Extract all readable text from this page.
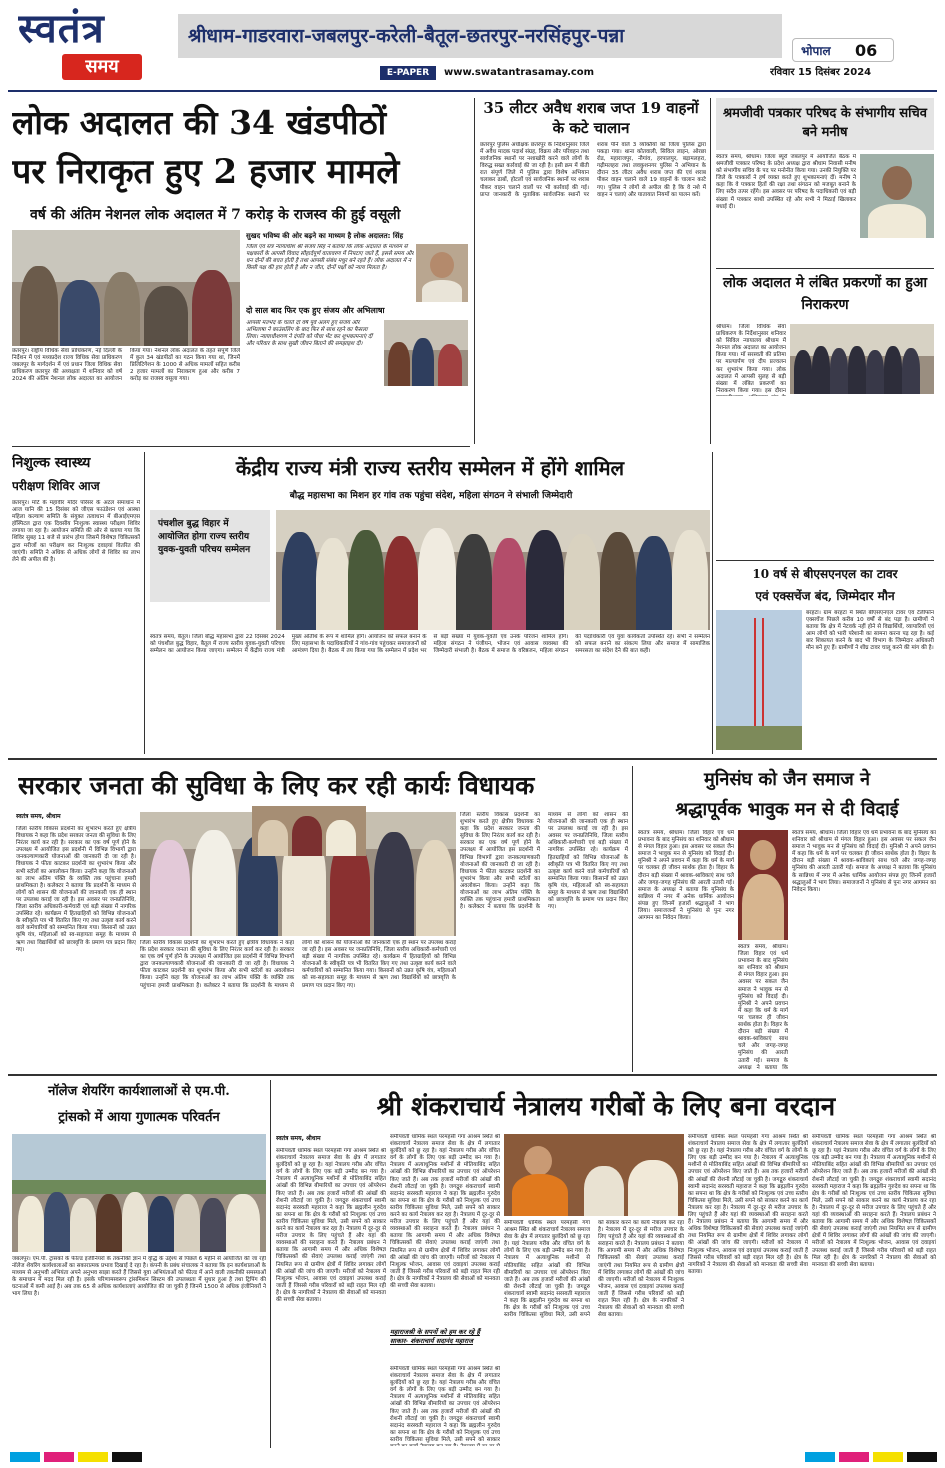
स्वतंत्र
समय
श्रीधाम-गाडरवारा-जबलपुर-करेली-बैतूल-छतरपुर-नरसिंहपुर-पन्ना
भोपाल 06
E-PAPER	www.swatantrasamay.com	रविवार 15 दिसंबर 2024
लोक अदालत की 34 खंडपीठों
पर निराकृत हुए 2 हजार मामले
वर्ष की अंतिम नेशनल लोक अदालत में 7 करोड़ के राजस्व की हुई वसूली
सुखद भविष्य की ओर बढ़ने का माध्यम है लोक अदालत: सिंह
जिला एवं सत्र न्यायाधीश श्री संजय सिंह ने बताया कि लोक अदालत के माध्यम से पक्षकारों के आपसी विवाद सौहार्दपूर्ण वातावरण में निपटाए जाते हैं, इससे समय और धन दोनों की बचत होती है तथा आपसी संबंध मधुर बने रहते हैं। लोक अदालत में न किसी पक्ष की हार होती है और न जीत, दोनों पक्षों को न्याय मिलता है।
दो साल बाद फिर एक हुए संजय और अभिलाषा
आपसी मतभेद के चलते दो वर्ष पूर्व अलग हुए संजय और अभिलाषा ने काउंसलिंग के बाद फिर से साथ रहने का फैसला लिया। न्यायाधीशगण ने दंपति को पौधा भेंट कर शुभकामनाएं दीं और परिवार के साथ सुखी जीवन बिताने की समझाइश दी।
छतरपुर। राष्ट्रीय विधिक सेवा प्राधिकरण, नई दिल्ली के निर्देशन में एवं मध्यप्रदेश राज्य विधिक सेवा प्राधिकरण जबलपुर के मार्गदर्शन में एवं प्रधान जिला विधिक सेवा प्राधिकरण छतरपुर की अध्यक्षता में शनिवार को वर्ष 2024 की अंतिम नेशनल लोक अदालत का आयोजन किया गया। नेशनल लोक अदालत के तहत संपूर्ण जिले में कुल 34 खंडपीठों का गठन किया गया था, जिनमें प्रिलिटिगेशन के 1000 से अधिक मामलों सहित करीब 2 हजार मामलों का निराकरण हुआ और करीब 7 करोड़ का राजस्व वसूला गया।
35 लीटर अवैध शराब जप्त 19 वाहनों के कटे चालान
छतरपुर पुलिस अधीक्षक छतरपुर के निर्देशानुसार जिले में अवैध मादक पदार्थ संग्रह, विक्रय और परिवहन तथा सार्वजनिक स्थानों पर नशाखोरी करने वाले लोगों के विरुद्ध सख्त कार्रवाई की जा रही है। इसी क्रम में बीती रात संपूर्ण जिले में पुलिस द्वारा विशेष अभियान चलाकर ढाबों, होटलों एवं सार्वजनिक स्थानों पर शराब पीकर वाहन चलाने वालों पर भी कार्रवाई की गई। प्राप्त जानकारी के मुताबिक सार्वजनिक स्थानों पर शराब पीने वाले 3 व्यक्तियों को जिला पुलिस द्वारा पकड़ा गया। थाना कोतवाली, सिविल लाइन, ओरछा रोड, महाराजपुर, नौगांव, हरपालपुर, बड़ामलहरा, गढ़ीमलहरा तथा लवकुशनगर पुलिस ने अभियान के दौरान 35 लीटर अवैध शराब जप्त की एवं शराब पीकर वाहन चलाने वाले 19 वाहनों के चालान काटे गए। पुलिस ने लोगों से अपील की है कि वे नशे में वाहन न चलाएं और यातायात नियमों का पालन करें।
श्रमजीवी पत्रकार परिषद के संभागीय सचिव बने मनीष
स्वतंत्र समय, श्रीधाम। जिला ब्यूरो जबलपुर में आयोजित बैठक में श्रमजीवी पत्रकार परिषद के प्रदेश अध्यक्ष द्वारा श्रीधाम निवासी मनीष को संभागीय सचिव के पद पर मनोनीत किया गया। उनकी नियुक्ति पर जिले के पत्रकारों ने हर्ष व्यक्त करते हुए शुभकामनाएं दीं। मनीष ने कहा कि वे पत्रकार हितों की रक्षा तथा संगठन को मजबूत बनाने के लिए सदैव तत्पर रहेंगे। इस अवसर पर परिषद के पदाधिकारी एवं बड़ी संख्या में पत्रकार साथी उपस्थित रहे और सभी ने मिठाई खिलाकर बधाई दी।
लोक अदालत मे लंबित प्रकरणों का हुआ निराकरण
श्रीधाम। जिला विधिक सेवा प्राधिकरण के निर्देशानुसार शनिवार को सिविल न्यायालय श्रीधाम में नेशनल लोक अदालत का आयोजन किया गया। माँ सरस्वती की प्रतिमा पर माल्यार्पण एवं दीप प्रज्वलन कर शुभारंभ किया गया। लोक अदालत में आपसी सुलह से बड़ी संख्या में लंबित प्रकरणों का निराकरण किया गया। इस दौरान
निशुल्क स्वास्थ्य
परीक्षण शिविर आज
छतरपुर। मोटे के महावीर मंदिर परिसर के अटल समाधान में आज यानि की 15 दिसंबर को जीएस फाउंडेशन एवं आस्था महिला कल्याण समिति के संयुक्त तत्वाधान में बीआईएमएस हॉस्पिटल द्वारा एक दिवसीय निःशुल्क स्वास्थ्य परीक्षण शिविर लगाया जा रहा है। आयोजन समिति की ओर से बताया गया कि शिविर सुबह 11 बजे से प्रारंभ होगा जिसमें विशेषज्ञ चिकित्सकों द्वारा मरीजों का परीक्षण कर निःशुल्क दवाइयां वितरित की जाएंगी। समिति ने अधिक से अधिक लोगों से शिविर का लाभ लेने की अपील की है।
केंद्रीय राज्य मंत्री राज्य स्तरीय सम्मेलन में होंगे शामिल
बौद्ध महासभा का मिशन हर गांव तक पहुंचा संदेश, महिला संगठन ने संभाली जिम्मेदारी
पंचशील बुद्ध विहार में आयोजित होगा राज्य स्तरीय युवक-युवती परिचय सम्मेलन
स्वतंत्र समय, बैतूल। जिला बौद्ध महासभा द्वारा 22 दिसंबर 2024 को पंचशील बुद्ध विहार, बैतूल में राज्य स्तरीय युवक-युवती परिचय सम्मेलन का आयोजन किया जाएगा। सम्मेलन में केंद्रीय राज्य मंत्री मुख्य अतिथि के रूप में शामिल होंगे। आयोजन को सफल बनाने के लिए महासभा के पदाधिकारियों ने गांव-गांव पहुंचकर समाजजनों को आमंत्रण दिया है। बैठक में तय किया गया कि सम्मेलन में प्रदेश भर से बड़ी संख्या में युवक-युवती एवं उनके परिजन शामिल होंगे। महिला संगठन ने पंजीयन, भोजन एवं आवास व्यवस्था की जिम्मेदारी संभाली है। बैठक में समाज के वरिष्ठजन, महिला संगठन की पदाधिकारी एवं युवा कार्यकर्ता उपस्थित रहे। सभी ने सम्मेलन को सफल बनाने का संकल्प लिया और समाज में सामाजिक समरसता का संदेश देने की बात कही।
10 वर्ष से बीएसएनएल का टावर
एवं एक्सचेंज बंद, जिम्मेदार मौन
बरहटा। ग्राम बरहटा में स्थित बीएसएनएल टावर एवं टेलीफोन एक्सचेंज पिछले करीब 10 वर्षों से बंद पड़ा है। ग्रामीणों ने बताया कि क्षेत्र में नेटवर्क नहीं होने से विद्यार्थियों, व्यापारियों एवं आम लोगों को भारी परेशानी का सामना करना पड़ रहा है। कई बार शिकायत करने के बाद भी विभाग के जिम्मेदार अधिकारी मौन बने हुए हैं। ग्रामीणों ने शीघ्र टावर चालू करने की मांग की है।
सरकार जनता की सुविधा के लिए कर रही कार्यः विधायक
स्वतंत्र समय, श्रीधाम
जिला स्तरीय विकास प्रदर्शनी का शुभारंभ करते हुए क्षेत्रीय विधायक ने कहा कि प्रदेश सरकार जनता की सुविधा के लिए निरंतर कार्य कर रही है। सरकार का एक वर्ष पूर्ण होने के उपलक्ष्य में आयोजित इस प्रदर्शनी में विभिन्न विभागों द्वारा जनकल्याणकारी योजनाओं की जानकारी दी जा रही है। विधायक ने फीता काटकर प्रदर्शनी का शुभारंभ किया और सभी स्टॉलों का अवलोकन किया। उन्होंने कहा कि योजनाओं का लाभ अंतिम पंक्ति के व्यक्ति तक पहुंचाना हमारी प्राथमिकता है। कलेक्टर ने बताया कि प्रदर्शनी के माध्यम से लोगों को शासन की योजनाओं की जानकारी एक ही स्थान पर उपलब्ध कराई जा रही है। इस अवसर पर जनप्रतिनिधि, जिला स्तरीय अधिकारी-कर्मचारी एवं बड़ी संख्या में नागरिक उपस्थित रहे। कार्यक्रम में हितग्राहियों को विभिन्न योजनाओं के स्वीकृति पत्र भी वितरित किए गए तथा उत्कृष्ट कार्य करने वाले कर्मचारियों को सम्मानित किया गया। किसानों को उन्नत कृषि यंत्र, महिलाओं को स्व-सहायता समूह के माध्यम से ऋण तथा विद्यार्थियों को छात्रवृत्ति के प्रमाण पत्र प्रदान किए गए।
जिला स्तरीय विकास प्रदर्शनी का शुभारंभ करते हुए क्षेत्रीय विधायक ने कहा कि प्रदेश सरकार जनता की सुविधा के लिए निरंतर कार्य कर रही है। सरकार का एक वर्ष पूर्ण होने के उपलक्ष्य में आयोजित इस प्रदर्शनी में विभिन्न विभागों द्वारा जनकल्याणकारी योजनाओं की जानकारी दी जा रही है। विधायक ने फीता काटकर प्रदर्शनी का शुभारंभ किया और सभी स्टॉलों का अवलोकन किया। उन्होंने कहा कि योजनाओं का लाभ अंतिम पंक्ति के व्यक्ति तक पहुंचाना हमारी प्राथमिकता है। कलेक्टर ने बताया कि प्रदर्शनी के माध्यम से लोगों को शासन की योजनाओं की जानकारी एक ही स्थान पर उपलब्ध कराई जा रही है। इस अवसर पर जनप्रतिनिधि, जिला स्तरीय अधिकारी-कर्मचारी एवं बड़ी संख्या में नागरिक उपस्थित रहे। कार्यक्रम में हितग्राहियों को विभिन्न योजनाओं के स्वीकृति पत्र भी वितरित किए गए तथा उत्कृष्ट कार्य करने वाले कर्मचारियों को सम्मानित किया गया। किसानों को उन्नत कृषि यंत्र, महिलाओं को स्व-सहायता समूह के माध्यम से ऋण तथा विद्यार्थियों को छात्रवृत्ति के प्रमाण पत्र प्रदान किए गए।
जिला स्तरीय विकास प्रदर्शनी का शुभारंभ करते हुए क्षेत्रीय विधायक ने कहा कि प्रदेश सरकार जनता की सुविधा के लिए निरंतर कार्य कर रही है। सरकार का एक वर्ष पूर्ण होने के उपलक्ष्य में आयोजित इस प्रदर्शनी में विभिन्न विभागों द्वारा जनकल्याणकारी योजनाओं की जानकारी दी जा रही है। विधायक ने फीता काटकर प्रदर्शनी का शुभारंभ किया और सभी स्टॉलों का अवलोकन किया। उन्होंने कहा कि योजनाओं का लाभ अंतिम पंक्ति के व्यक्ति तक पहुंचाना हमारी प्राथमिकता है। कलेक्टर ने बताया कि प्रदर्शनी के माध्यम से लोगों को शासन की योजनाओं की जानकारी एक ही स्थान पर उपलब्ध कराई जा रही है। इस अवसर पर जनप्रतिनिधि, जिला स्तरीय अधिकारी-कर्मचारी एवं बड़ी संख्या में नागरिक उपस्थित रहे। कार्यक्रम में हितग्राहियों को विभिन्न योजनाओं के स्वीकृति पत्र भी वितरित किए गए तथा उत्कृष्ट कार्य करने वाले कर्मचारियों को सम्मानित किया गया। किसानों को उन्नत कृषि यंत्र, महिलाओं को स्व-सहायता समूह के माध्यम से ऋण तथा विद्यार्थियों को छात्रवृत्ति के प्रमाण पत्र प्रदान किए गए।
मुनिसंघ को जैन समाज ने
श्रद्धापूर्वक भावुक मन से दी विदाई
स्वतंत्र समय, श्रीधाम। जिला विहार एवं धर्म प्रभावना के बाद मुनिसंघ का शनिवार को श्रीधाम से मंगल विहार हुआ। इस अवसर पर सकल जैन समाज ने भावुक मन से मुनिसंघ को विदाई दी। मुनिश्री ने अपने प्रवचन में कहा कि धर्म के मार्ग पर चलकर ही जीवन सार्थक होता है। विहार के दौरान बड़ी संख्या में श्रावक-श्राविकाएं साथ चले और जगह-जगह मुनिसंघ की आरती उतारी गई। समाज के अध्यक्ष ने बताया कि मुनिसंघ के सान्निध्य में नगर में अनेक धार्मिक आयोजन संपन्न हुए जिनमें हजारों श्रद्धालुओं ने भाग लिया। समाजजनों ने मुनिसंघ से पुनः नगर आगमन का निवेदन किया।
स्वतंत्र समय, श्रीधाम। जिला विहार एवं धर्म प्रभावना के बाद मुनिसंघ का शनिवार को श्रीधाम से मंगल विहार हुआ। इस अवसर पर सकल जैन समाज ने भावुक मन से मुनिसंघ को विदाई दी। मुनिश्री ने अपने प्रवचन में कहा कि धर्म के मार्ग पर चलकर ही जीवन सार्थक होता है। विहार के दौरान बड़ी संख्या में श्रावक-श्राविकाएं साथ चले और जगह-जगह मुनिसंघ की आरती उतारी गई। समाज के अध्यक्ष ने बताया कि
स्वतंत्र समय, श्रीधाम। जिला विहार एवं धर्म प्रभावना के बाद मुनिसंघ का शनिवार को श्रीधाम से मंगल विहार हुआ। इस अवसर पर सकल जैन समाज ने भावुक मन से मुनिसंघ को विदाई दी। मुनिश्री ने अपने प्रवचन में कहा कि धर्म के मार्ग पर चलकर ही जीवन सार्थक होता है। विहार के दौरान बड़ी संख्या में श्रावक-श्राविकाएं साथ चले और जगह-जगह मुनिसंघ की आरती उतारी गई। समाज के अध्यक्ष ने बताया कि मुनिसंघ के सान्निध्य में नगर में अनेक धार्मिक आयोजन संपन्न हुए जिनमें हजारों श्रद्धालुओं ने भाग लिया। समाजजनों ने मुनिसंघ से पुनः नगर आगमन का निवेदन किया।
नॉलेज शेयरिंग कार्यशालाओं से एम.पी.
ट्रांसको में आया गुणात्मक परिवर्तन
जबलपुर। एम.पी. ट्रांसको के फील्ड इंजीनियरों के तकनीकी ज्ञान में वृद्धि के उद्देश्य से पिछले 6 महीने से आयोजित की जा रही नॉलेज शेयरिंग कार्यशालाओं का सकारात्मक प्रभाव दिखाई दे रहा है। कंपनी के प्रबंध संचालक ने बताया कि इन कार्यशालाओं के माध्यम से अनुभवी अभियंता अपने अनुभव साझा करते हैं जिससे युवा अभियंताओं को फील्ड में आने वाली तकनीकी समस्याओं के समाधान में मदद मिल रही है। इसके परिणामस्वरूप ट्रांसमिशन सिस्टम की उपलब्धता में सुधार हुआ है तथा ट्रिपिंग की घटनाओं में कमी आई है। अब तक 65 से अधिक कार्यशालाएं आयोजित की जा चुकी हैं जिनमें 1500 से अधिक इंजीनियरों ने भाग लिया है।
श्री शंकराचार्य नेत्रालय गरीबों के लिए बना वरदान
स्वतंत्र समय, श्रीधाम
समीपवर्ती धार्मिक स्थल परमहंसी गंगा आश्रम स्थित श्री शंकराचार्य नेत्रालय समाज सेवा के क्षेत्र में लगातार बुलंदियों को छू रहा है। यहां नेत्रालय गरीब और वंचित वर्ग के लोगों के लिए एक बड़ी उम्मीद बन गया है। नेत्रालय में अत्याधुनिक मशीनों से मोतियाबिंद सहित आंखों की विभिन्न बीमारियों का उपचार एवं ऑपरेशन किए जाते हैं। अब तक हजारों मरीजों की आंखों की रोशनी लौटाई जा चुकी है। जगद्गुरु शंकराचार्य स्वामी सदानंद सरस्वती महाराज ने कहा कि ब्रह्मलीन गुरुदेव का सपना था कि क्षेत्र के गरीबों को निःशुल्क एवं उच्च स्तरीय चिकित्सा सुविधा मिले, उसी सपने को साकार करने का कार्य नेत्रालय कर रहा है। नेत्रालय में दूर-दूर से मरीज उपचार के लिए पहुंचते हैं और यहां की व्यवस्थाओं की सराहना करते हैं। नेत्रालय प्रबंधन ने बताया कि आगामी समय में और अधिक विशेषज्ञ चिकित्सकों की सेवाएं उपलब्ध कराई जाएंगी तथा नियमित रूप से ग्रामीण क्षेत्रों में शिविर लगाकर लोगों की आंखों की जांच की जाएगी। मरीजों को नेत्रालय में निःशुल्क भोजन, आवास एवं दवाइयां उपलब्ध कराई जाती हैं जिससे गरीब परिवारों को बड़ी राहत मिल रही है। क्षेत्र के नागरिकों ने नेत्रालय की सेवाओं को मानवता की सच्ची सेवा बताया।
समीपवर्ती धार्मिक स्थल परमहंसी गंगा आश्रम स्थित श्री शंकराचार्य नेत्रालय समाज सेवा के क्षेत्र में लगातार बुलंदियों को छू रहा है। यहां नेत्रालय गरीब और वंचित वर्ग के लोगों के लिए एक बड़ी उम्मीद बन गया है। नेत्रालय में अत्याधुनिक मशीनों से मोतियाबिंद सहित आंखों की विभिन्न बीमारियों का उपचार एवं ऑपरेशन किए जाते हैं। अब तक हजारों मरीजों की आंखों की रोशनी लौटाई जा चुकी है। जगद्गुरु शंकराचार्य स्वामी सदानंद सरस्वती महाराज ने कहा कि ब्रह्मलीन गुरुदेव का सपना था कि क्षेत्र के गरीबों को निःशुल्क एवं उच्च स्तरीय चिकित्सा सुविधा मिले, उसी सपने को साकार करने का कार्य नेत्रालय कर रहा है। नेत्रालय में दूर-दूर से मरीज उपचार के लिए पहुंचते हैं और यहां की व्यवस्थाओं की सराहना करते हैं। नेत्रालय प्रबंधन ने बताया कि आगामी समय में और अधिक विशेषज्ञ चिकित्सकों की सेवाएं उपलब्ध कराई जाएंगी तथा नियमित रूप से ग्रामीण क्षेत्रों में शिविर लगाकर लोगों की आंखों की जांच की जाएगी। मरीजों को नेत्रालय में निःशुल्क भोजन, आवास एवं दवाइयां उपलब्ध कराई जाती हैं जिससे गरीब परिवारों को बड़ी राहत मिल रही है। क्षेत्र के नागरिकों ने नेत्रालय की सेवाओं को मानवता की सच्ची सेवा बताया।
महाराजश्री के सपनों को हम कर रहे हैं साकार- शंकराचार्य सदानंद महाराज
समीपवर्ती धार्मिक स्थल परमहंसी गंगा आश्रम स्थित श्री शंकराचार्य नेत्रालय समाज सेवा के क्षेत्र में लगातार बुलंदियों को छू रहा है। यहां नेत्रालय गरीब और वंचित वर्ग के लोगों के लिए एक बड़ी उम्मीद बन गया है। नेत्रालय में अत्याधुनिक मशीनों से मोतियाबिंद सहित आंखों की विभिन्न बीमारियों का उपचार एवं ऑपरेशन किए जाते हैं। अब तक हजारों मरीजों की आंखों की रोशनी लौटाई जा चुकी है। जगद्गुरु शंकराचार्य स्वामी सदानंद सरस्वती महाराज ने कहा कि ब्रह्मलीन गुरुदेव का सपना था कि क्षेत्र के गरीबों को निःशुल्क एवं उच्च स्तरीय चिकित्सा सुविधा मिले, उसी सपने को साकार
समीपवर्ती धार्मिक स्थल परमहंसी गंगा आश्रम स्थित श्री शंकराचार्य नेत्रालय समाज सेवा के क्षेत्र में लगातार बुलंदियों को छू रहा है। यहां नेत्रालय गरीब और वंचित वर्ग के लोगों के लिए एक बड़ी उम्मीद बन गया है। नेत्रालय में अत्याधुनिक मशीनों से मोतियाबिंद सहित आंखों की विभिन्न बीमारियों का उपचार एवं ऑपरेशन किए जाते हैं। अब तक हजारों मरीजों की आंखों की रोशनी लौटाई जा चुकी है। जगद्गुरु शंकराचार्य स्वामी सदानंद सरस्वती महाराज ने कहा कि ब्रह्मलीन गुरुदेव का सपना था कि क्षेत्र के गरीबों को निःशुल्क एवं उच्च स्तरीय चिकित्सा सुविधा मिले, उसी सपने को साकार करने का कार्य नेत्रालय कर रहा है। नेत्रालय में दूर-दूर से मरीज उपचार के लिए पहुंचते हैं और यहां की व्यवस्थाओं की सराहना करते हैं। नेत्रालय प्रबंधन ने बताया कि आगामी समय में और अधिक विशेषज्ञ चिकित्सकों की सेवाएं उपलब्ध कराई जाएंगी तथा नियमित रूप से ग्रामीण क्षेत्रों में शिविर लगाकर लोगों की आंखों की जांच की जाएगी। मरीजों को नेत्रालय में निःशुल्क भोजन, आवास एवं दवाइयां उपलब्ध कराई जाती हैं जिससे गरीब परिवारों को बड़ी राहत मिल रही है। क्षेत्र के नागरिकों ने नेत्रालय की सेवाओं को मानवता की सच्ची सेवा बताया।
समीपवर्ती धार्मिक स्थल परमहंसी गंगा आश्रम स्थित श्री शंकराचार्य नेत्रालय समाज सेवा के क्षेत्र में लगातार बुलंदियों को छू रहा है। यहां नेत्रालय गरीब और वंचित वर्ग के लोगों के लिए एक बड़ी उम्मीद बन गया है। नेत्रालय में अत्याधुनिक मशीनों से मोतियाबिंद सहित आंखों की विभिन्न बीमारियों का उपचार एवं ऑपरेशन किए जाते हैं। अब तक हजारों मरीजों की आंखों की रोशनी लौटाई जा चुकी है। जगद्गुरु शंकराचार्य स्वामी सदानंद सरस्वती महाराज ने कहा कि ब्रह्मलीन गुरुदेव का सपना था कि क्षेत्र के गरीबों को निःशुल्क एवं उच्च स्तरीय चिकित्सा सुविधा मिले, उसी सपने को साकार करने का कार्य नेत्रालय कर रहा है। नेत्रालय में दूर-दूर से मरीज उपचार के लिए पहुंचते हैं और यहां की व्यवस्थाओं की सराहना करते हैं। नेत्रालय प्रबंधन ने बताया कि आगामी समय में और अधिक विशेषज्ञ चिकित्सकों की सेवाएं उपलब्ध कराई जाएंगी तथा नियमित रूप से ग्रामीण क्षेत्रों में शिविर लगाकर लोगों की आंखों की जांच की जाएगी। मरीजों को नेत्रालय में निःशुल्क भोजन, आवास एवं दवाइयां उपलब्ध कराई जाती हैं जिससे गरीब परिवारों को बड़ी राहत मिल रही है। क्षेत्र के नागरिकों ने नेत्रालय की सेवाओं को मानवता की सच्ची सेवा बताया।
समीपवर्ती धार्मिक स्थल परमहंसी गंगा आश्रम स्थित श्री शंकराचार्य नेत्रालय समाज सेवा के क्षेत्र में लगातार बुलंदियों को छू रहा है। यहां नेत्रालय गरीब और वंचित वर्ग के लोगों के लिए एक बड़ी उम्मीद बन गया है। नेत्रालय में अत्याधुनिक मशीनों से मोतियाबिंद सहित आंखों की विभिन्न बीमारियों का उपचार एवं ऑपरेशन किए जाते हैं। अब तक हजारों मरीजों की आंखों की रोशनी लौटाई जा चुकी है। जगद्गुरु शंकराचार्य स्वामी सदानंद सरस्वती महाराज ने कहा कि ब्रह्मलीन गुरुदेव का सपना था कि क्षेत्र के गरीबों को निःशुल्क एवं उच्च स्तरीय चिकित्सा सुविधा मिले, उसी सपने को साकार करने का कार्य नेत्रालय कर रहा है। नेत्रालय में दूर-दूर से मरीज उपचार के लिए पहुंचते हैं और यहां की व्यवस्थाओं की सराहना करते हैं। नेत्रालय प्रबंधन ने बताया कि आगामी समय में और अधिक विशेषज्ञ चिकित्सकों की सेवाएं उपलब्ध कराई जाएंगी तथा नियमित रूप से ग्रामीण क्षेत्रों में शिविर लगाकर लोगों की आंखों की जांच की जाएगी। मरीजों को नेत्रालय में निःशुल्क भोजन, आवास एवं दवाइयां उपलब्ध कराई जाती हैं जिससे गरीब परिवारों को बड़ी राहत मिल रही है। क्षेत्र के नागरिकों ने नेत्रालय की सेवाओं को मानवता की सच्ची सेवा बताया।
